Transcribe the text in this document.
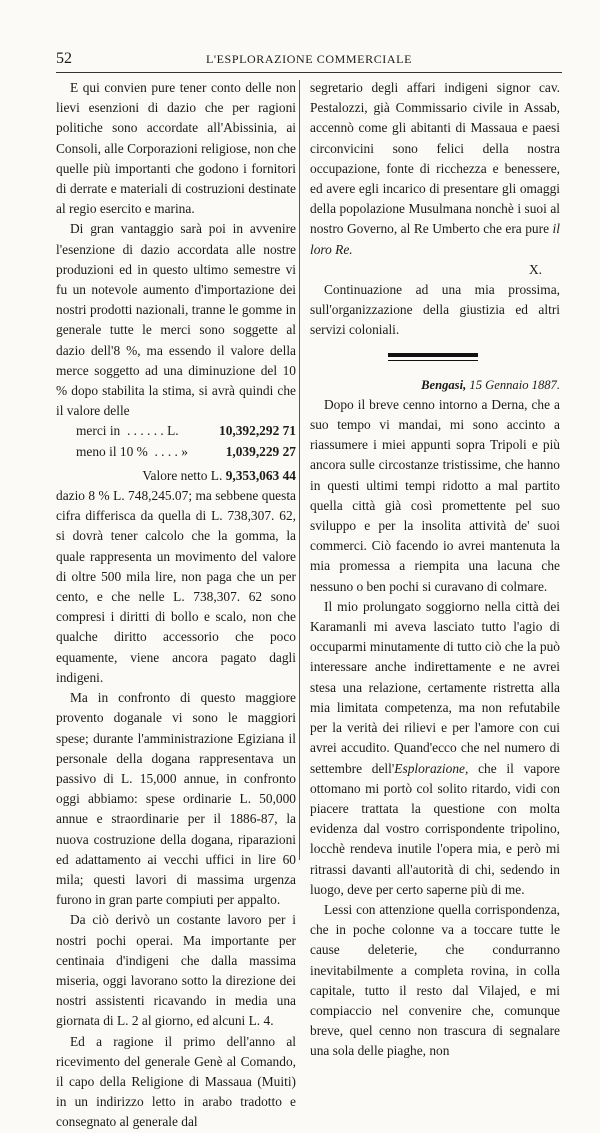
52	L'ESPLORAZIONE COMMERCIALE

E qui convien pure tener conto delle non lievi esenzioni di dazio che per ragioni politiche sono accordate all'Abissinia, ai Consoli, alle Corporazioni religiose, non che quelle più importanti che godono i fornitori di derrate e materiali di costruzioni destinate al regio esercito e marina.

Di gran vantaggio sarà poi in avvenire l'esenzione di dazio accordata alle nostre produzioni ed in questo ultimo semestre vi fu un notevole aumento d'importazione dei nostri prodotti nazionali, tranne le gomme in generale tutte le merci sono soggette al dazio dell'8 %, ma essendo il valore della merce soggetto ad una diminuzione del 10 % dopo stabilita la stima, si avrà quindi che il valore delle

merci in  . . . . . . L.	10,392,292 71
meno il 10 %  . . . . »	1,039,229 27
Valore netto L. 9,353,063 44

dazio 8 % L. 748,245.07; ma sebbene questa cifra differisca da quella di L. 738,307. 62, si dovrà tener calcolo che la gomma, la quale rappresenta un movimento del valore di oltre 500 mila lire, non paga che un per cento, e che nelle L. 738,307. 62 sono compresi i diritti di bollo e scalo, non che qualche diritto accessorio che poco equamente, viene ancora pagato dagli indigeni.

Ma in confronto di questo maggiore provento doganale vi sono le maggiori spese; durante l'amministrazione Egiziana il personale della dogana rappresentava un passivo di L. 15,000 annue, in confronto oggi abbiamo: spese ordinarie L. 50,000 annue e straordinarie per il 1886-87, la nuova costruzione della dogana, riparazioni ed adattamento ai vecchi uffici in lire 60 mila; questi lavori di massima urgenza furono in gran parte compiuti per appalto.

Da ciò derivò un costante lavoro per i nostri pochi operai. Ma importante per centinaia d'indigeni che dalla massima miseria, oggi lavorano sotto la direzione dei nostri assistenti ricavando in media una giornata di L. 2 al giorno, ed alcuni L. 4.

Ed a ragione il primo dell'anno al ricevimento del generale Genè al Comando, il capo della Religione di Massaua (Muiti) in un indirizzo letto in arabo tradotto e consegnato al generale dal

segretario degli affari indigeni signor cav. Pestalozzi, già Commissario civile in Assab, accennò come gli abitanti di Massaua e paesi circonvicini sono felici della nostra occupazione, fonte di ricchezza e benessere, ed avere egli incarico di presentare gli omaggi della popolazione Musulmana nonchè i suoi al nostro Governo, al Re Umberto che era pure il loro Re.

X.

Continuazione ad una mia prossima, sull'organizzazione della giustizia ed altri servizi coloniali.

Bengasi, 15 Gennaio 1887.

Dopo il breve cenno intorno a Derna, che a suo tempo vi mandai, mi sono accinto a riassumere i miei appunti sopra Tripoli e più ancora sulle circostanze tristissime, che hanno in questi ultimi tempi ridotto a mal partito quella città già così promettente pel suo sviluppo e per la insolita attività de' suoi commerci. Ciò facendo io avrei mantenuta la mia promessa a riempita una lacuna che nessuno o ben pochi si curavano di colmare.

Il mio prolungato soggiorno nella città dei Karamanli mi aveva lasciato tutto l'agio di occuparmi minutamente di tutto ciò che la può interessare anche indirettamente e ne avrei stesa una relazione, certamente ristretta alla mia limitata competenza, ma non refutabile per la verità dei rilievi e per l'amore con cui avrei accudito. Quand'ecco che nel numero di settembre dell'Esplorazione, che il vapore ottomano mi portò col solito ritardo, vidi con piacere trattata la questione con molta evidenza dal vostro corrispondente tripolino, locchè rendeva inutile l'opera mia, e però mi ritrassi davanti all'autorità di chi, sedendo in luogo, deve per certo saperne più di me.

Lessi con attenzione quella corrispondenza, che in poche colonne va a toccare tutte le cause deleterie, che condurranno inevitabilmente a completa rovina, in colla capitale, tutto il resto dal Vilajed, e mi compiaccio nel convenire che, comunque breve, quel cenno non trascura di segnalare una sola delle piaghe, non
